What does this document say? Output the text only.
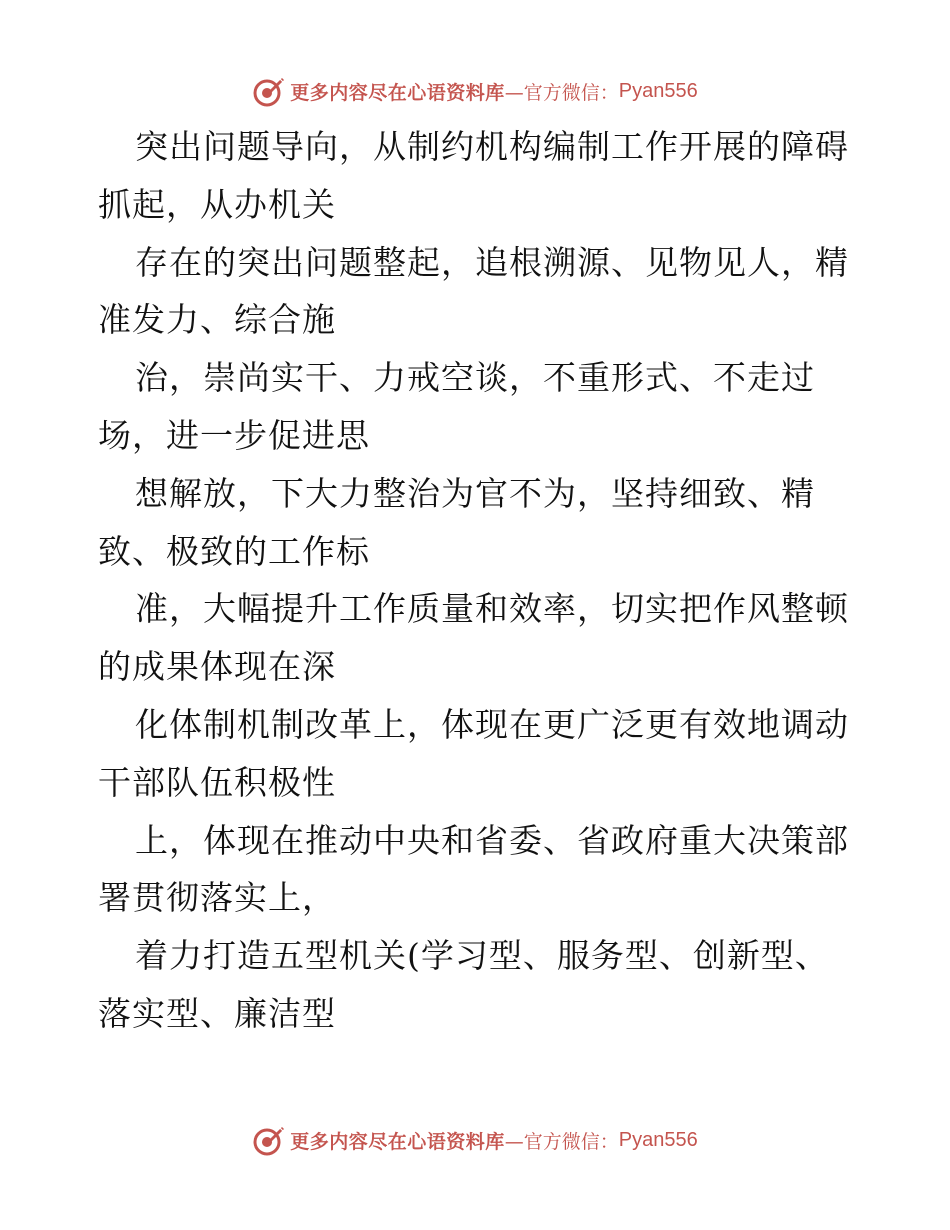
更多内容尽在心语资料库 —官方微信： Pyan556
突出问题导向，从制约机构编制工作开展的障碍
抓起，从办机关
存在的突出问题整起，追根溯源、见物见人，精
准发力、综合施
治，崇尚实干、力戒空谈，不重形式、不走过
场，进一步促进思
想解放，下大力整治为官不为，坚持细致、精
致、极致的工作标
准，大幅提升工作质量和效率，切实把作风整顿
的成果体现在深
化体制机制改革上，体现在更广泛更有效地调动
干部队伍积极性
上，体现在推动中央和省委、省政府重大决策部
署贯彻落实上，
着力打造五型机关(学习型、服务型、创新型、
落实型、廉洁型
更多内容尽在心语资料库 —官方微信： Pyan556
